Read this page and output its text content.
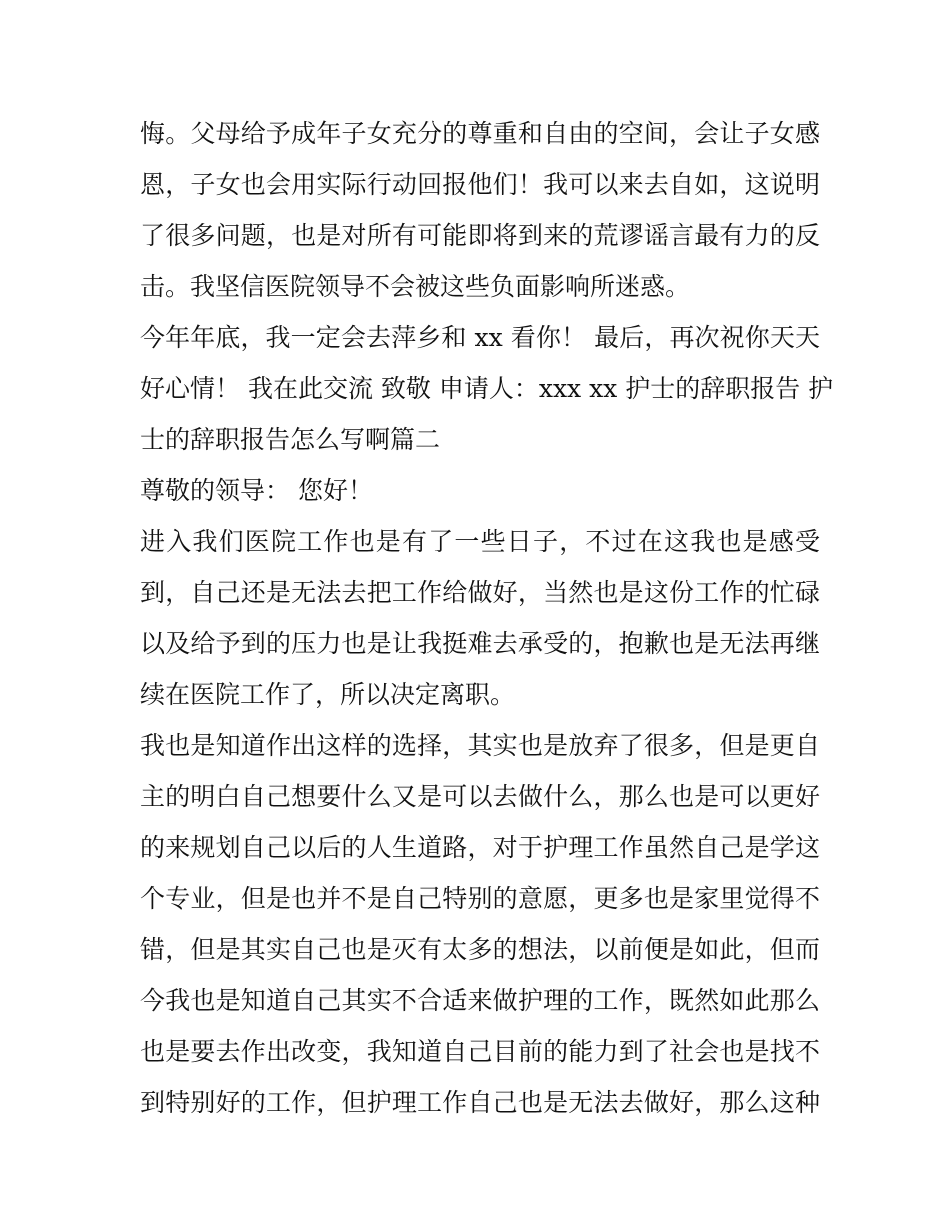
悔。父母给予成年子女充分的尊重和自由的空间，会让子女感
恩，子女也会用实际行动回报他们！我可以来去自如，这说明
了很多问题，也是对所有可能即将到来的荒谬谣言最有力的反
击。我坚信医院领导不会被这些负面影响所迷惑。

今年年底，我一定会去萍乡和 xx 看你！ 最后，再次祝你天天
好心情！ 我在此交流 致敬 申请人：xxx xx 护士的辞职报告 护
士的辞职报告怎么写啊篇二

尊敬的领导： 您好！

进入我们医院工作也是有了一些日子，不过在这我也是感受
到，自己还是无法去把工作给做好，当然也是这份工作的忙碌
以及给予到的压力也是让我挺难去承受的，抱歉也是无法再继
续在医院工作了，所以决定离职。

我也是知道作出这样的选择，其实也是放弃了很多，但是更自
主的明白自己想要什么又是可以去做什么，那么也是可以更好
的来规划自己以后的人生道路，对于护理工作虽然自己是学这
个专业，但是也并不是自己特别的意愿，更多也是家里觉得不
错，但是其实自己也是灭有太多的想法，以前便是如此，但而
今我也是知道自己其实不合适来做护理的工作，既然如此那么
也是要去作出改变，我知道自己目前的能力到了社会也是找不
到特别好的工作，但护理工作自己也是无法去做好，那么这种
